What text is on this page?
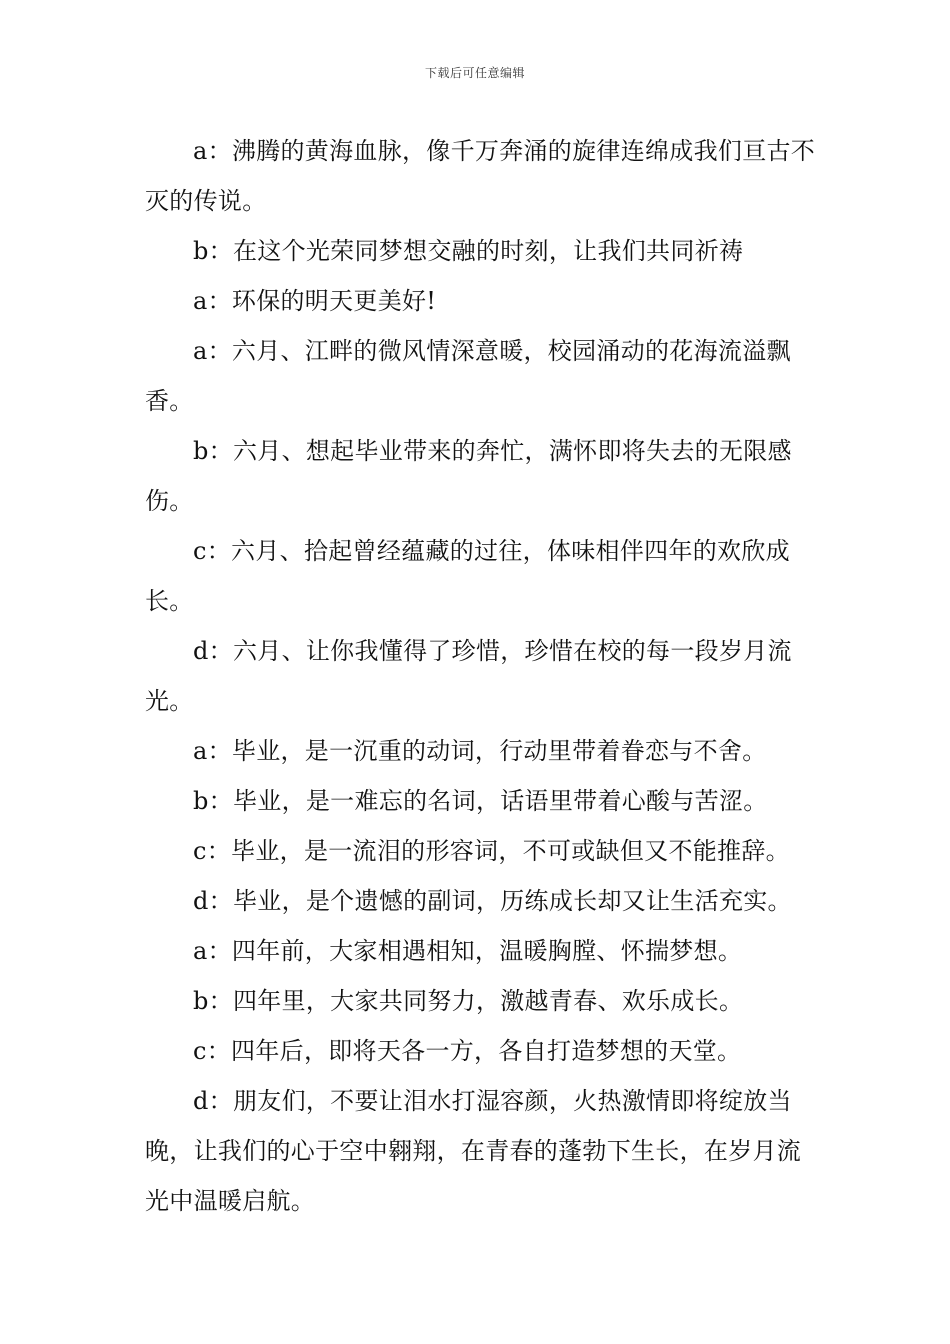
下载后可任意编辑

a：沸腾的黄海血脉，像千万奔涌的旋律连绵成我们亘古不灭的传说。

b：在这个光荣同梦想交融的时刻，让我们共同祈祷

a：环保的明天更美好!

a：六月、江畔的微风情深意暖，校园涌动的花海流溢飘香。

b：六月、想起毕业带来的奔忙，满怀即将失去的无限感伤。

c：六月、拾起曾经蕴藏的过往，体味相伴四年的欢欣成长。

d：六月、让你我懂得了珍惜，珍惜在校的每一段岁月流光。

a：毕业，是一沉重的动词，行动里带着眷恋与不舍。

b：毕业，是一难忘的名词，话语里带着心酸与苦涩。

c：毕业，是一流泪的形容词，不可或缺但又不能推辞。

d：毕业，是个遗憾的副词，历练成长却又让生活充实。

a：四年前，大家相遇相知，温暖胸膛、怀揣梦想。

b：四年里，大家共同努力，激越青春、欢乐成长。

c：四年后，即将天各一方，各自打造梦想的天堂。

d：朋友们，不要让泪水打湿容颜，火热激情即将绽放当晚，让我们的心于空中翱翔，在青春的蓬勃下生长，在岁月流光中温暖启航。
